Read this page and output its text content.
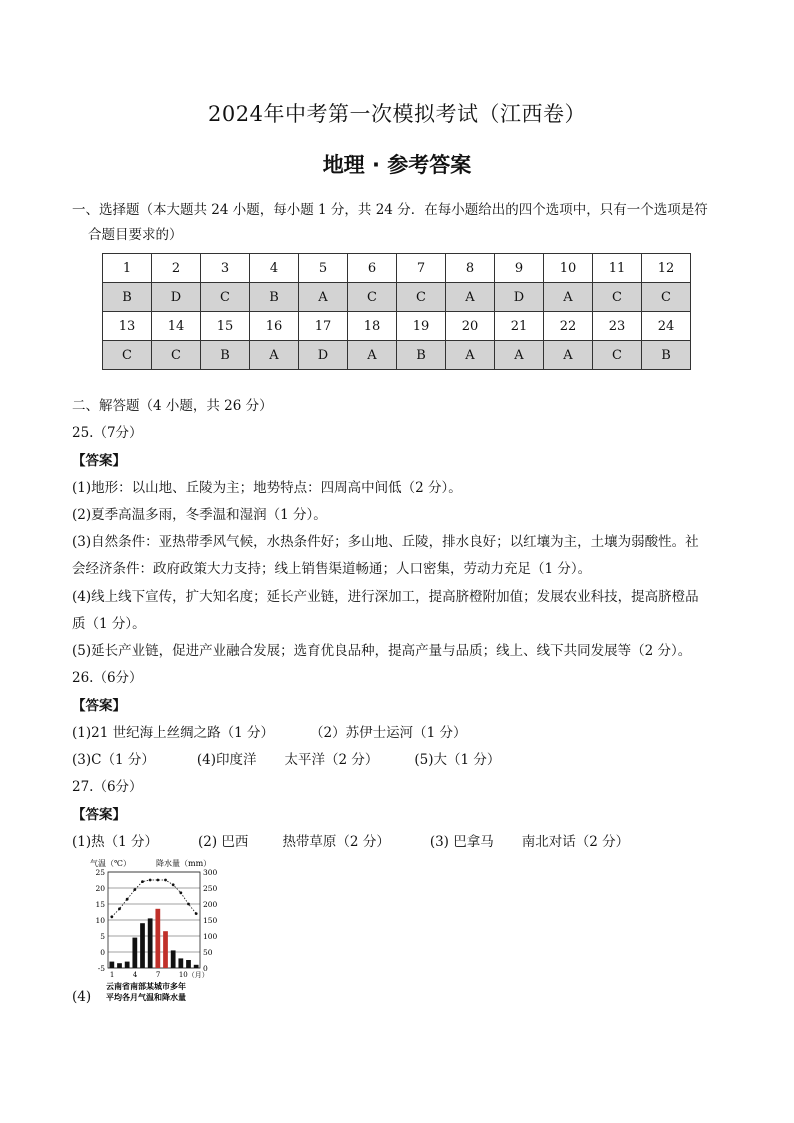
2024年中考第一次模拟考试（江西卷）
地理 · 参考答案
一、选择题（本大题共 24 小题，每小题 1 分，共 24 分．在每小题给出的四个选项中，只有一个选项是符
合题目要求的）
1	2	3	4	5	6	7	8	9	10	11	12
B	D	C	B	A	C	C	A	D	A	C	C
13	14	15	16	17	18	19	20	21	22	23	24
C	C	B	A	D	A	B	A	A	A	C	B
二、解答题（4 小题，共 26 分）
25.（7分）
【答案】
(1)地形：以山地、丘陵为主；地势特点：四周高中间低（2 分）。
(2)夏季高温多雨，冬季温和湿润（1 分）。
(3)自然条件：亚热带季风气候，水热条件好；多山地、丘陵，排水良好；以红壤为主，土壤为弱酸性。社
会经济条件：政府政策大力支持；线上销售渠道畅通；人口密集，劳动力充足（1 分）。
(4)线上线下宣传，扩大知名度；延长产业链，进行深加工，提高脐橙附加值；发展农业科技，提高脐橙品
质（1 分）。
(5)延长产业链，促进产业融合发展；选育优良品种，提高产量与品质；线上、线下共同发展等（2 分）。
26.（6分）
【答案】
(1)21 世纪海上丝绸之路（1 分）	（2）苏伊士运河（1 分）
(3)C（1 分）	(4)印度洋 太平洋（2 分）	(5)大（1 分）
27.（6分）
【答案】
(1)热（1 分）	(2) 巴西	热带草原（2 分）	(3) 巴拿马 南北对话（2 分）
气温（℃）	降水量（mm）
25
20
15
10
5
0
-5
300
250
200
150
100
50
0
1	4	7	10（月）
云南省南部某城市多年
平均各月气温和降水量
(4)
